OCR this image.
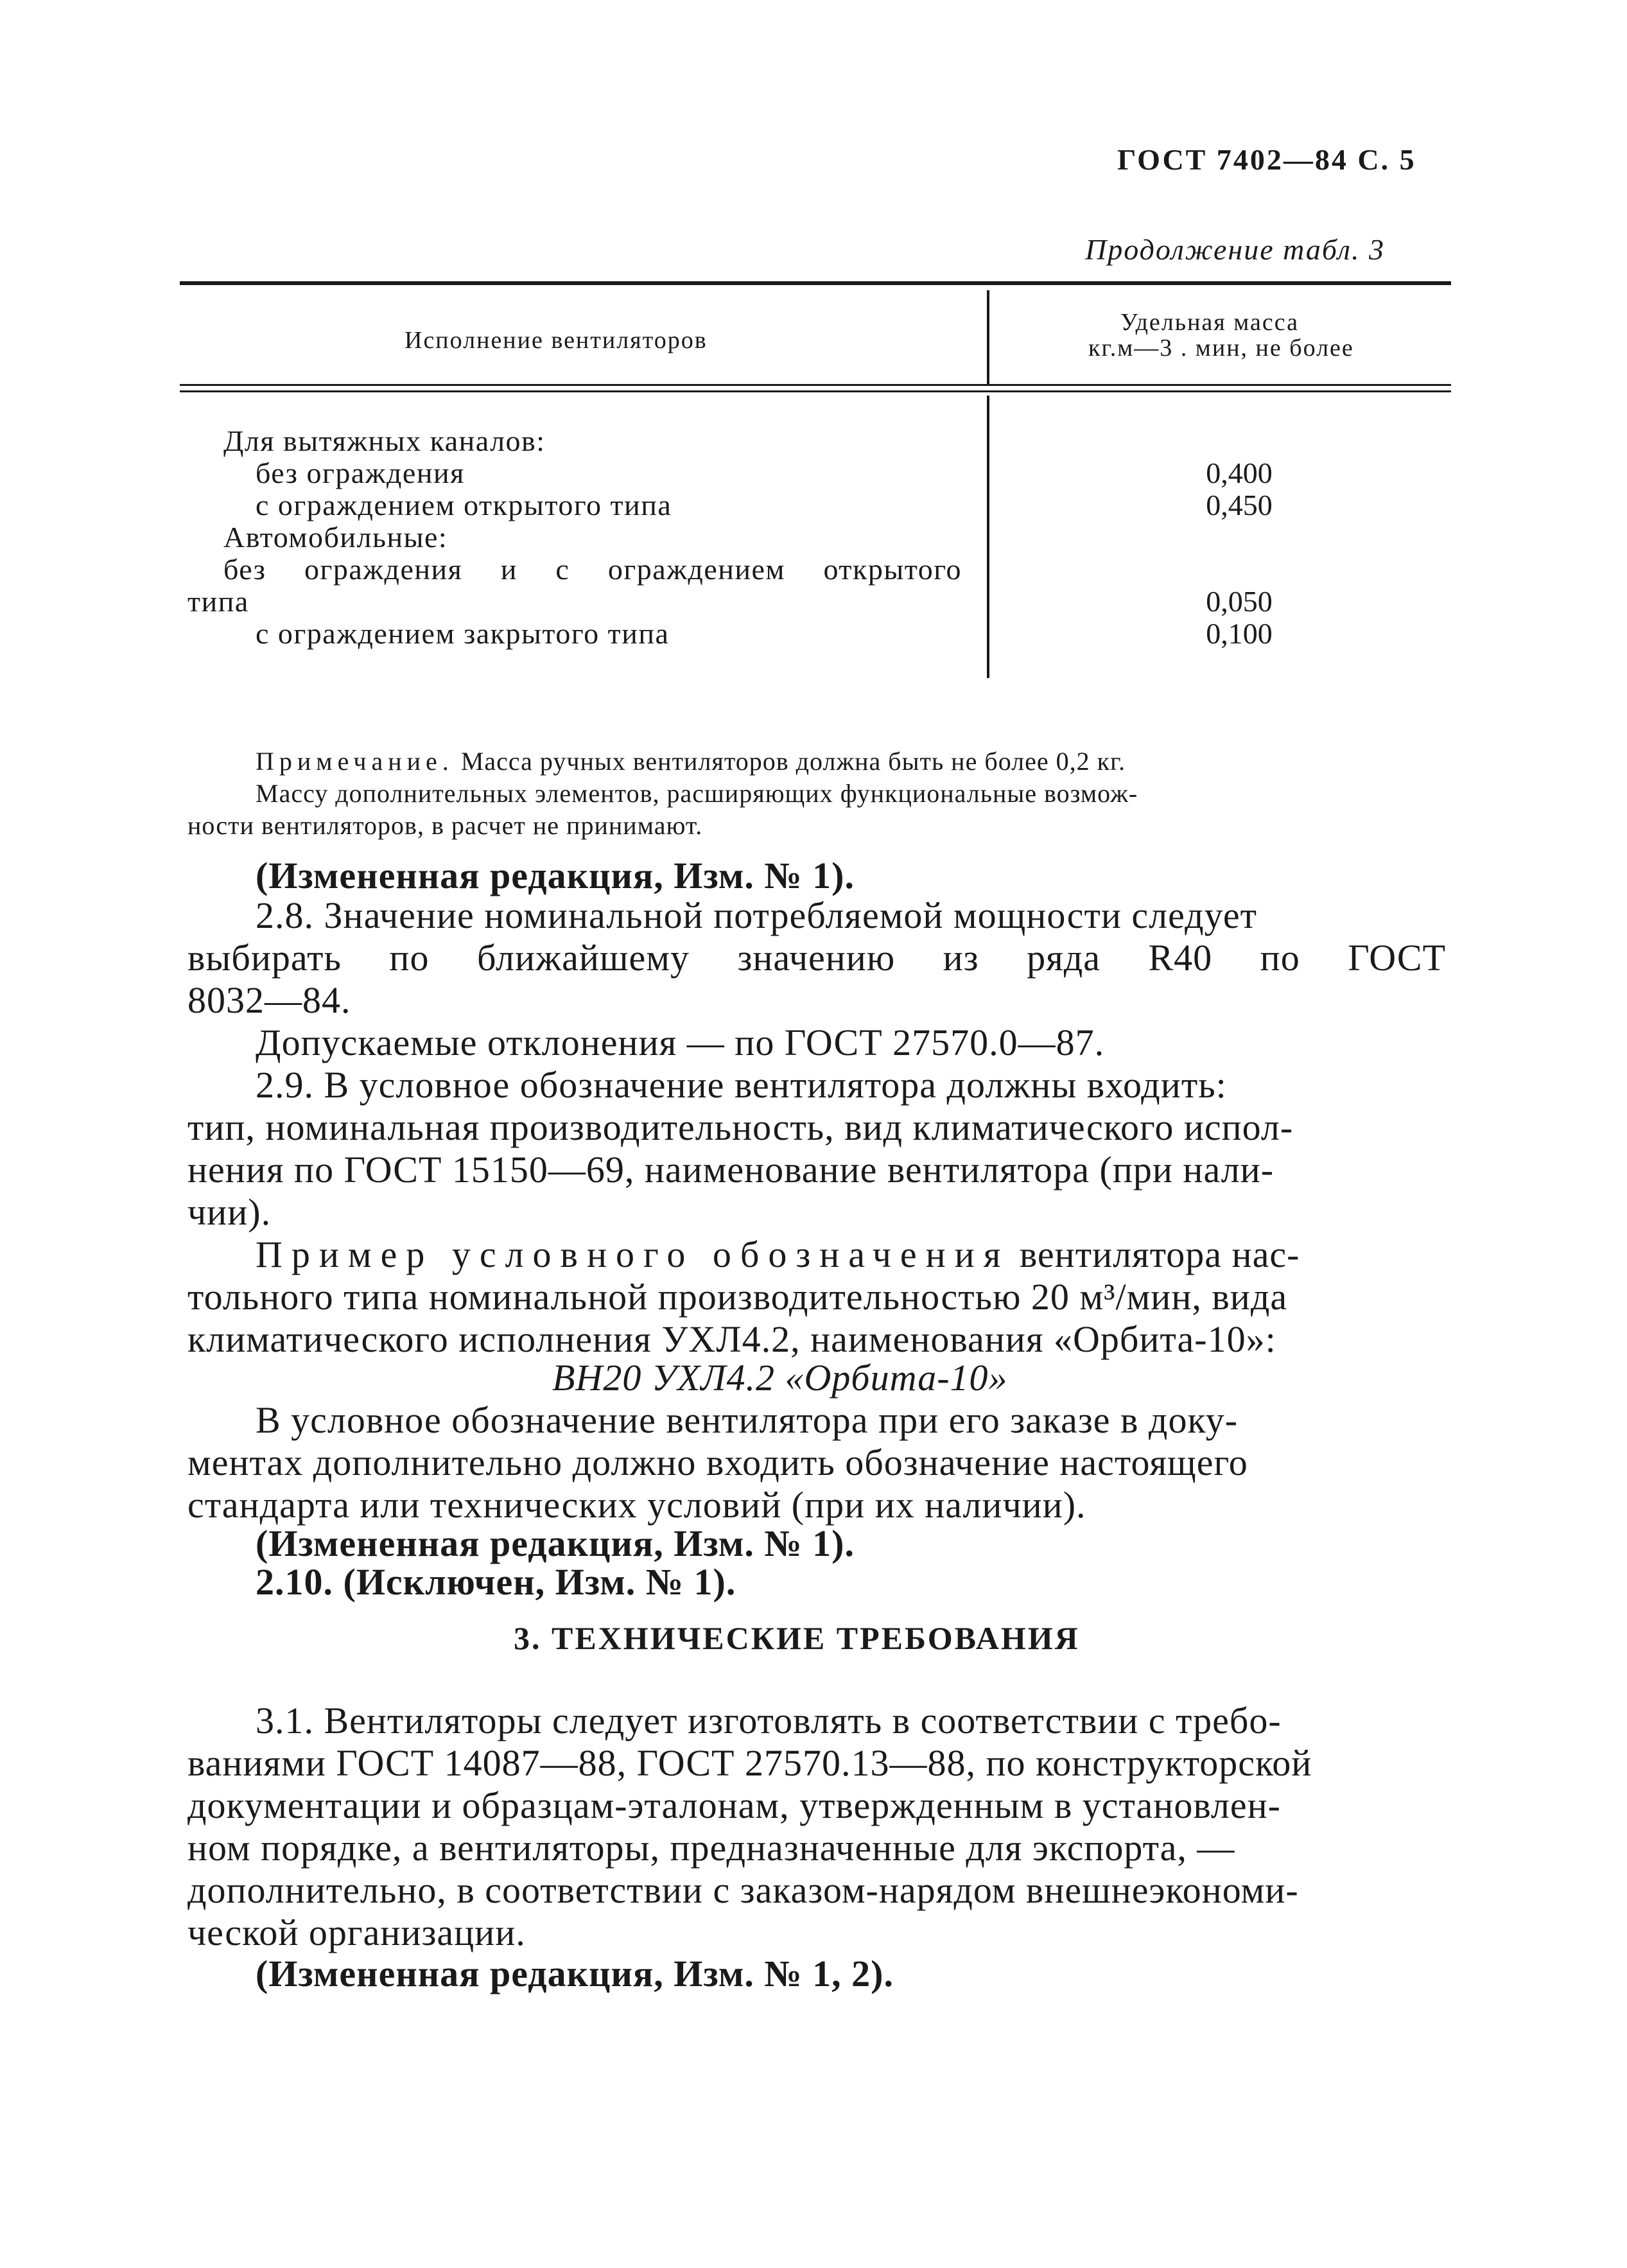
ГОСТ 7402—84 С. 5
Продолжение табл. 3
Исполнение вентиляторов
Удельная масса
кг.м—3 . мин, не более
Для вытяжных каналов:
без ограждения	0,400
с ограждением открытого типа	0,450
Автомобильные:
без ограждения и с ограждением открытого
типа	0,050
с ограждением закрытого типа	0,100
Примечание. Масса ручных вентиляторов должна быть не более 0,2 кг.
Массу дополнительных элементов, расширяющих функциональные возмож-
ности вентиляторов, в расчет не принимают.
(Измененная редакция, Изм. № 1).
2.8. Значение номинальной потребляемой мощности следует
выбирать по ближайшему значению из ряда R40 по ГОСТ
8032—84.
Допускаемые отклонения — по ГОСТ 27570.0—87.
2.9. В условное обозначение вентилятора должны входить:
тип, номинальная производительность, вид климатического испол-
нения по ГОСТ 15150—69, наименование вентилятора (при нали-
чии).
Пример условного обозначения вентилятора нас-
тольного типа номинальной производительностью 20 м³/мин, вида
климатического исполнения УХЛ4.2, наименования «Орбита-10»:
ВН20 УХЛ4.2 «Орбита-10»
В условное обозначение вентилятора при его заказе в доку-
ментах дополнительно должно входить обозначение настоящего
стандарта или технических условий (при их наличии).
(Измененная редакция, Изм. № 1).
2.10. (Исключен, Изм. № 1).
3. ТЕХНИЧЕСКИЕ ТРЕБОВАНИЯ
3.1. Вентиляторы следует изготовлять в соответствии с требо-
ваниями ГОСТ 14087—88, ГОСТ 27570.13—88, по конструкторской
документации и образцам-эталонам, утвержденным в установлен-
ном порядке, а вентиляторы, предназначенные для экспорта, —
дополнительно, в соответствии с заказом-нарядом внешнеэкономи-
ческой организации.
(Измененная редакция, Изм. № 1, 2).
